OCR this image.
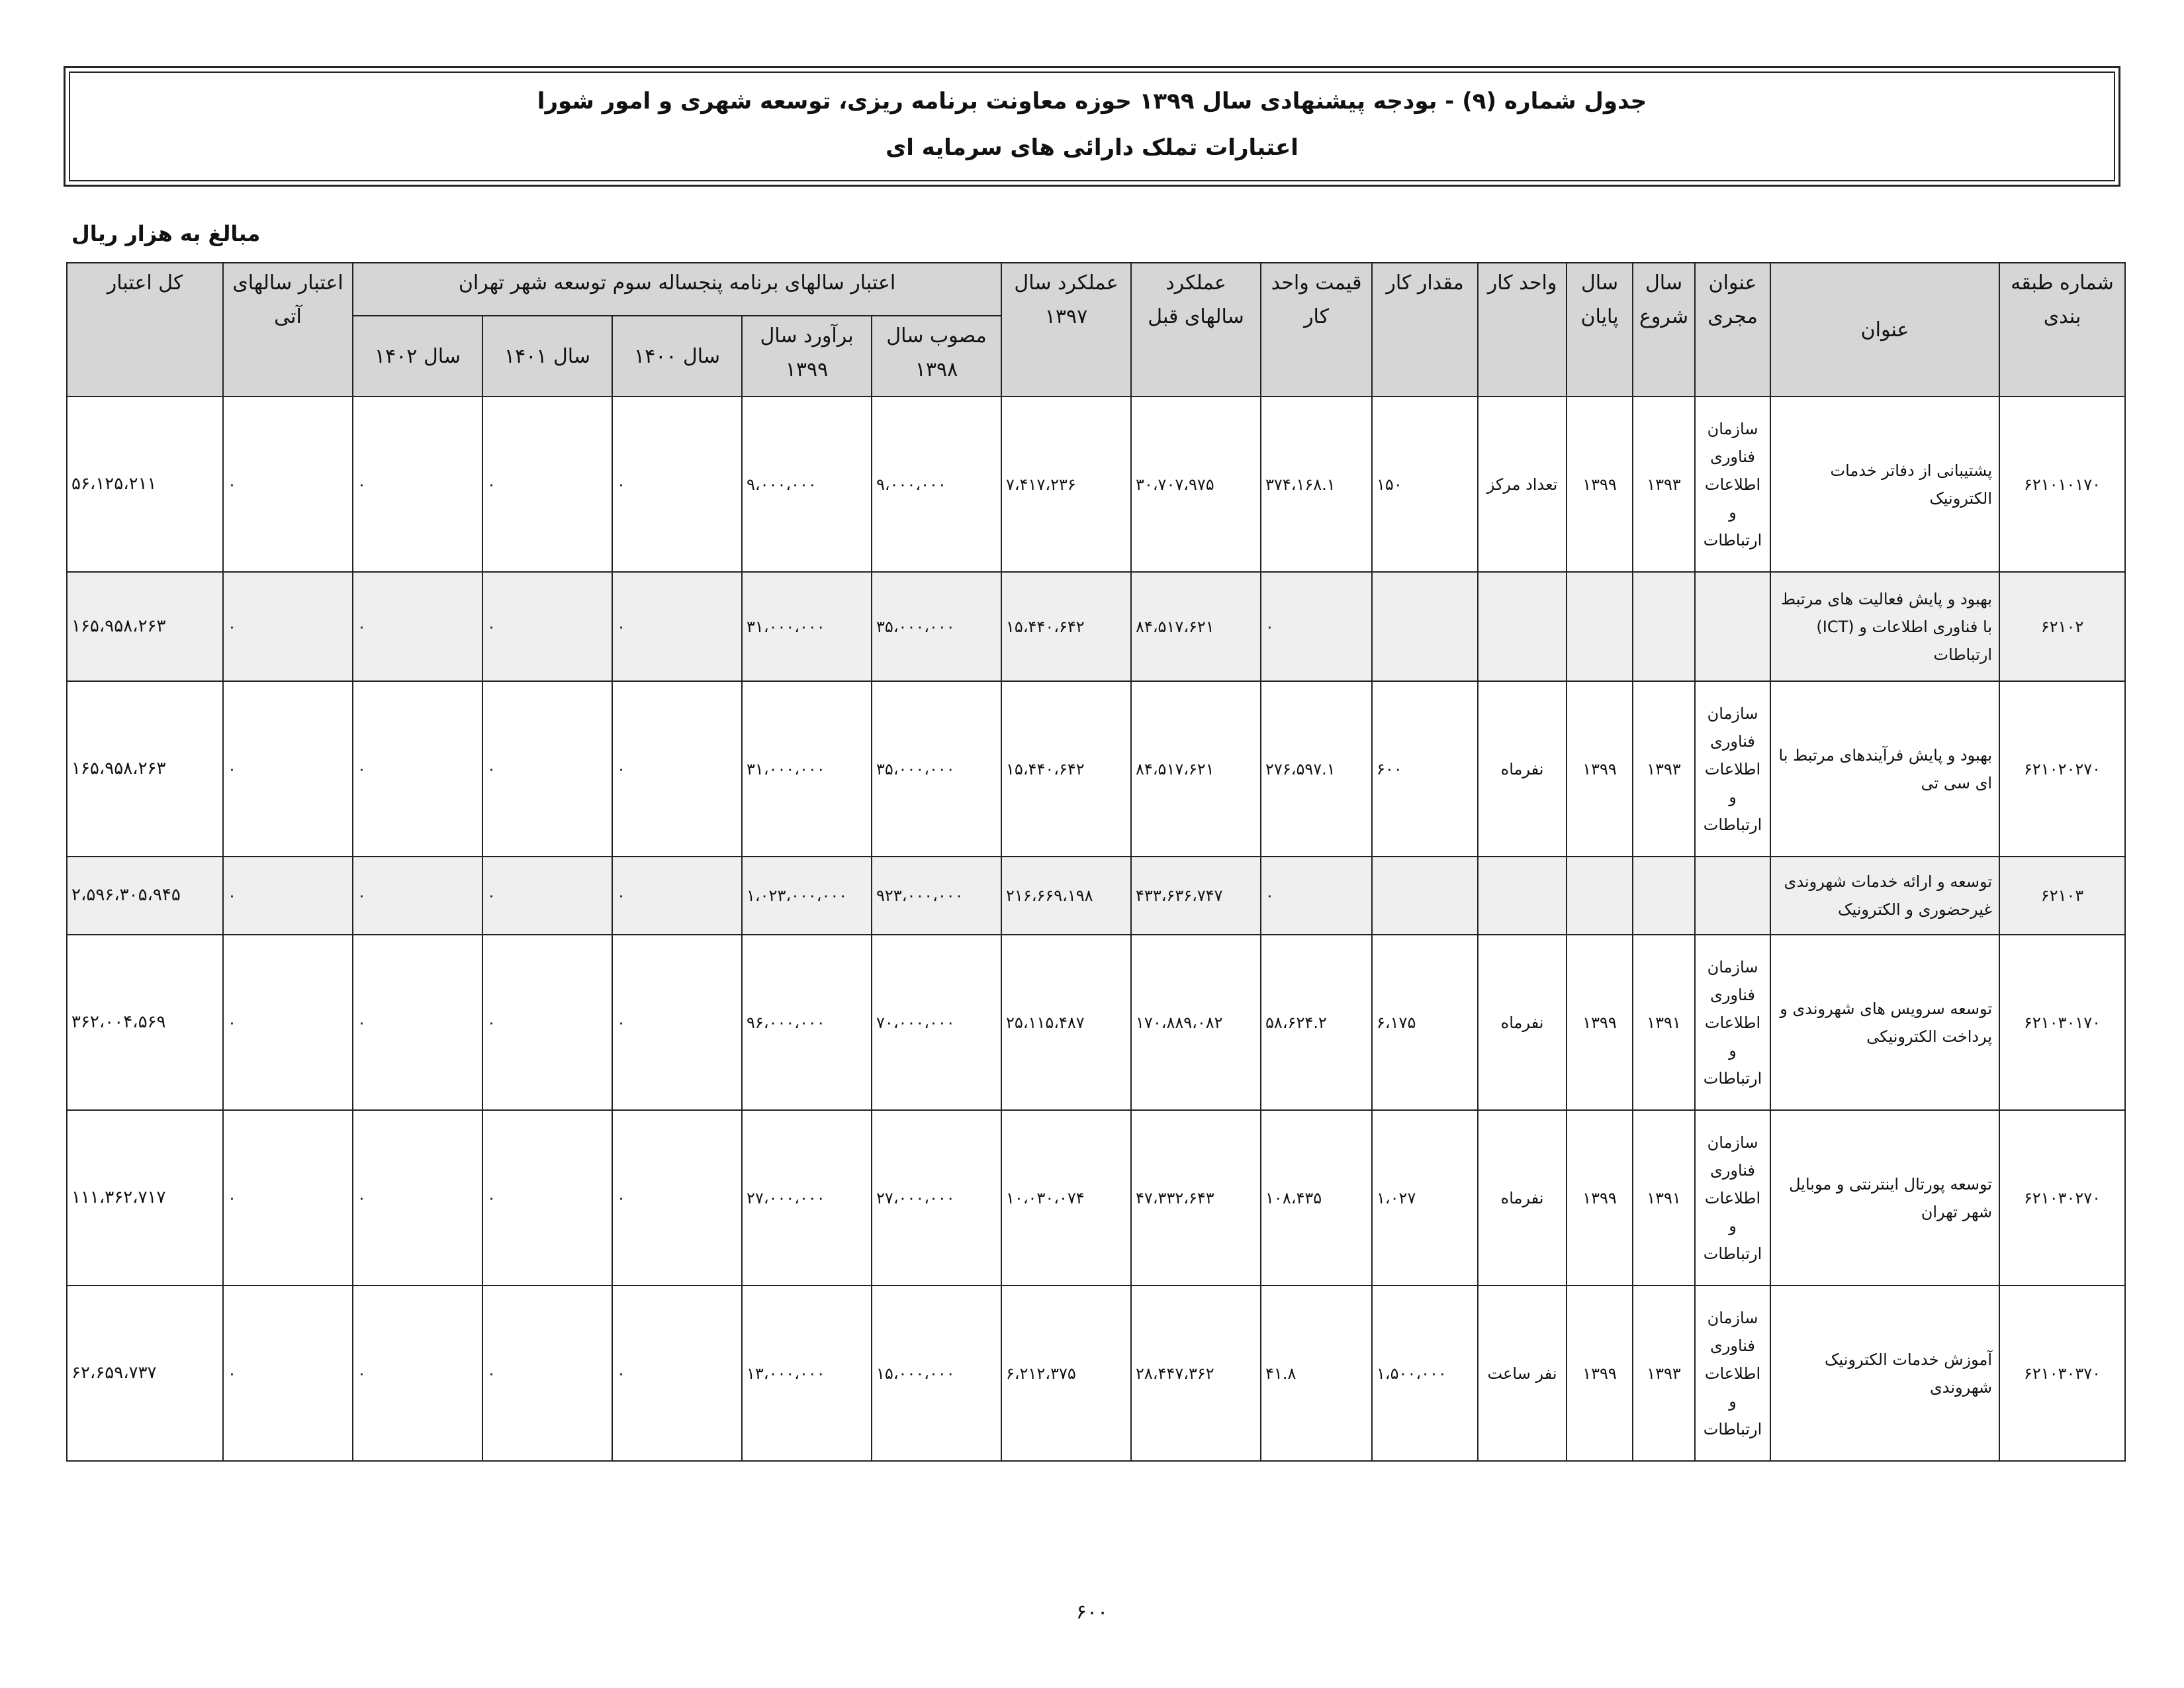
جدول شماره (۹) - بودجه پیشنهادی سال ۱۳۹۹ حوزه معاونت برنامه ریزی، توسعه شهری و امور شورا
اعتبارات تملک دارائی های سرمایه ای
مبالغ به هزار ریال
شماره طبقه بندی	عنوان	عنوان مجری	سال شروع	سال پایان	واحد کار	مقدار کار	قیمت واحد کار	عملکرد سالهای قبل	عملکرد سال ۱۳۹۷	اعتبار سالهای برنامه پنجساله سوم توسعه شهر تهران					اعتبار سالهای آتی	کل اعتبار
										مصوب سال ۱۳۹۸	برآورد سال ۱۳۹۹	سال ۱۴۰۰	سال ۱۴۰۱	سال ۱۴۰۲		
۶۲۱۰۱۰۱۷۰	پشتیبانی از دفاتر خدمات الکترونیک	سازمان فناوری اطلاعات و ارتباطات	۱۳۹۳	۱۳۹۹	تعداد مرکز	۱۵۰	۳۷۴،۱۶۸.۱	۳۰،۷۰۷،۹۷۵	۷،۴۱۷،۲۳۶	۹،۰۰۰،۰۰۰	۹،۰۰۰،۰۰۰	۰	۰	۰	۰	۵۶،۱۲۵،۲۱۱
۶۲۱۰۲	بهبود و پایش فعالیت های مرتبط با فناوری اطلاعات و (ICT) ارتباطات						۰	۸۴،۵۱۷،۶۲۱	۱۵،۴۴۰،۶۴۲	۳۵،۰۰۰،۰۰۰	۳۱،۰۰۰،۰۰۰	۰	۰	۰	۰	۱۶۵،۹۵۸،۲۶۳
۶۲۱۰۲۰۲۷۰	بهبود و پایش فرآیندهای مرتبط با ای سی تی	سازمان فناوری اطلاعات و ارتباطات	۱۳۹۳	۱۳۹۹	نفرماه	۶۰۰	۲۷۶،۵۹۷.۱	۸۴،۵۱۷،۶۲۱	۱۵،۴۴۰،۶۴۲	۳۵،۰۰۰،۰۰۰	۳۱،۰۰۰،۰۰۰	۰	۰	۰	۰	۱۶۵،۹۵۸،۲۶۳
۶۲۱۰۳	توسعه و ارائه خدمات شهروندی غیرحضوری و الکترونیک						۰	۴۳۳،۶۳۶،۷۴۷	۲۱۶،۶۶۹،۱۹۸	۹۲۳،۰۰۰،۰۰۰	۱،۰۲۳،۰۰۰،۰۰۰	۰	۰	۰	۰	۲،۵۹۶،۳۰۵،۹۴۵
۶۲۱۰۳۰۱۷۰	توسعه سرویس های شهروندی و پرداخت الکترونیکی	سازمان فناوری اطلاعات و ارتباطات	۱۳۹۱	۱۳۹۹	نفرماه	۶،۱۷۵	۵۸،۶۲۴.۲	۱۷۰،۸۸۹،۰۸۲	۲۵،۱۱۵،۴۸۷	۷۰،۰۰۰،۰۰۰	۹۶،۰۰۰،۰۰۰	۰	۰	۰	۰	۳۶۲،۰۰۴،۵۶۹
۶۲۱۰۳۰۲۷۰	توسعه پورتال اینترنتی و موبایل شهر تهران	سازمان فناوری اطلاعات و ارتباطات	۱۳۹۱	۱۳۹۹	نفرماه	۱،۰۲۷	۱۰۸،۴۳۵	۴۷،۳۳۲،۶۴۳	۱۰،۰۳۰،۰۷۴	۲۷،۰۰۰،۰۰۰	۲۷،۰۰۰،۰۰۰	۰	۰	۰	۰	۱۱۱،۳۶۲،۷۱۷
۶۲۱۰۳۰۳۷۰	آموزش خدمات الکترونیک شهروندی	سازمان فناوری اطلاعات و ارتباطات	۱۳۹۳	۱۳۹۹	نفر ساعت	۱،۵۰۰،۰۰۰	۴۱.۸	۲۸،۴۴۷،۳۶۲	۶،۲۱۲،۳۷۵	۱۵،۰۰۰،۰۰۰	۱۳،۰۰۰،۰۰۰	۰	۰	۰	۰	۶۲،۶۵۹،۷۳۷
۶۰۰
